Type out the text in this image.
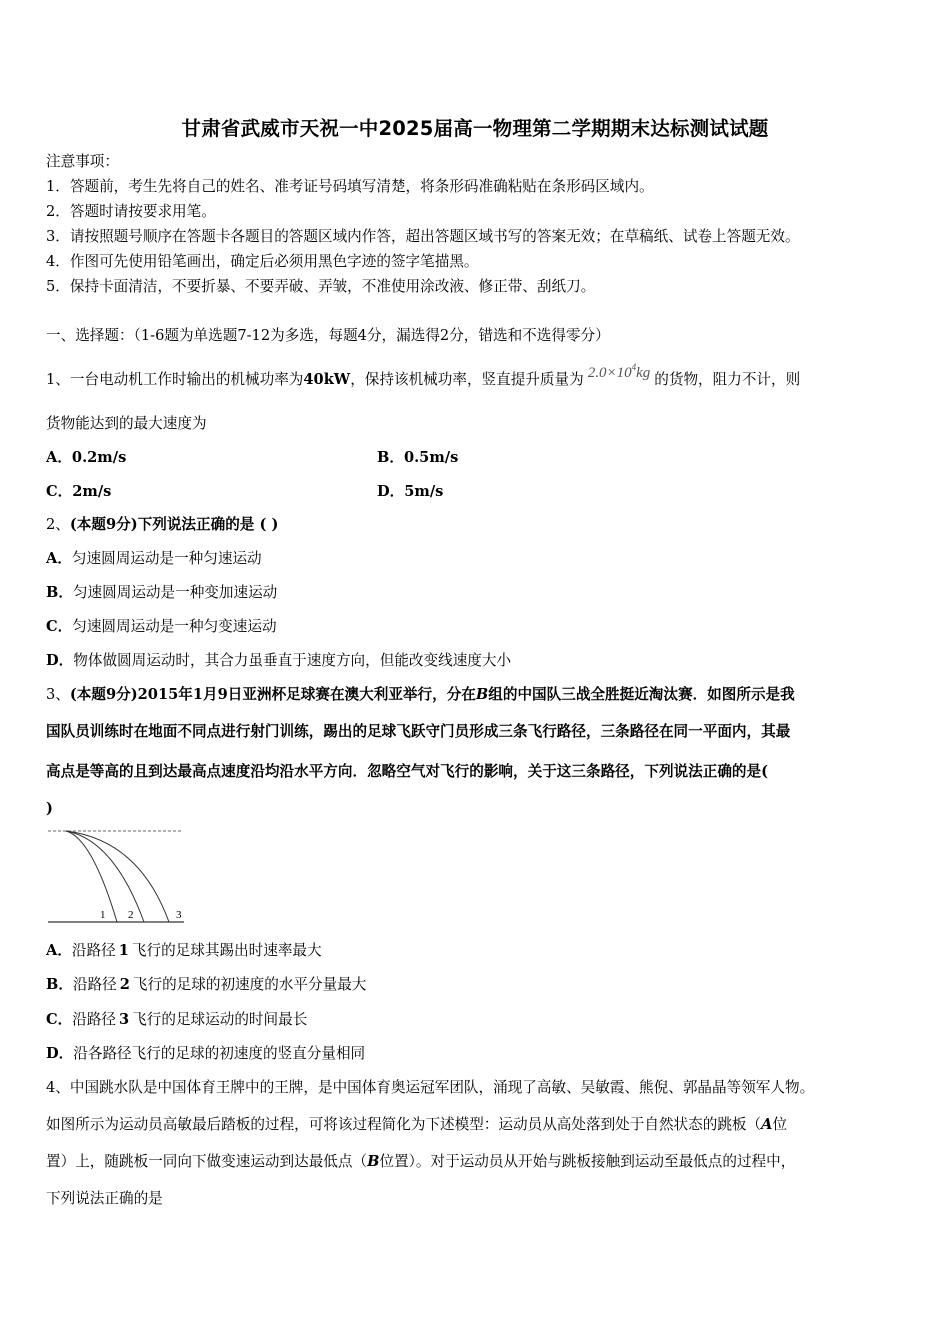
甘肃省武威市天祝一中2025届高一物理第二学期期末达标测试试题
注意事项：
1．答题前，考生先将自己的姓名、准考证号码填写清楚，将条形码准确粘贴在条形码区域内。
2．答题时请按要求用笔。
3．请按照题号顺序在答题卡各题目的答题区域内作答，超出答题区域书写的答案无效；在草稿纸、试卷上答题无效。
4．作图可先使用铅笔画出，确定后必须用黑色字迹的签字笔描黑。
5．保持卡面清洁，不要折暴、不要弄破、弄皱，不准使用涂改液、修正带、刮纸刀。
一、选择题：（1-6题为单选题7-12为多选，每题4分，漏选得2分，错选和不选得零分）
1、一台电动机工作时输出的机械功率为40kW，保持该机械功率，竖直提升质量为 $2.0\times 10^4kg$ 的货物，阻力不计，则
货物能达到的最大速度为
A．0.2m/s	B．0.5m/s
C．2m/s	D．5m/s
2、(本题9分)下列说法正确的是 ( )
A．匀速圆周运动是一种匀速运动
B．匀速圆周运动是一种变加速运动
C．匀速圆周运动是一种匀变速运动
D．物体做圆周运动时，其合力虽垂直于速度方向，但能改变线速度大小
3、(本题9分)2015年1月9日亚洲杯足球赛在澳大利亚举行，分在B组的中国队三战全胜挺近淘汰赛．如图所示是我
国队员训练时在地面不同点进行射门训练，踢出的足球飞跃守门员形成三条飞行路径，三条路径在同一平面内，其最
高点是等高的且到达最高点速度沿均沿水平方向．忽略空气对飞行的影响，关于这三条路径，下列说法正确的是(
)
1 2	3
A．沿路径 1 飞行的足球其踢出时速率最大
B．沿路径 2 飞行的足球的初速度的水平分量最大
C．沿路径 3 飞行的足球运动的时间最长
D．沿各路径飞行的足球的初速度的竖直分量相同
4、中国跳水队是中国体育王牌中的王牌，是中国体育奥运冠军团队，涌现了高敏、吴敏霞、熊倪、郭晶晶等领军人物。
如图所示为运动员高敏最后踏板的过程，可将该过程简化为下述模型：运动员从高处落到处于自然状态的跳板（A位
置）上，随跳板一同向下做变速运动到达最低点（B位置）。对于运动员从开始与跳板接触到运动至最低点的过程中，
下列说法正确的是
